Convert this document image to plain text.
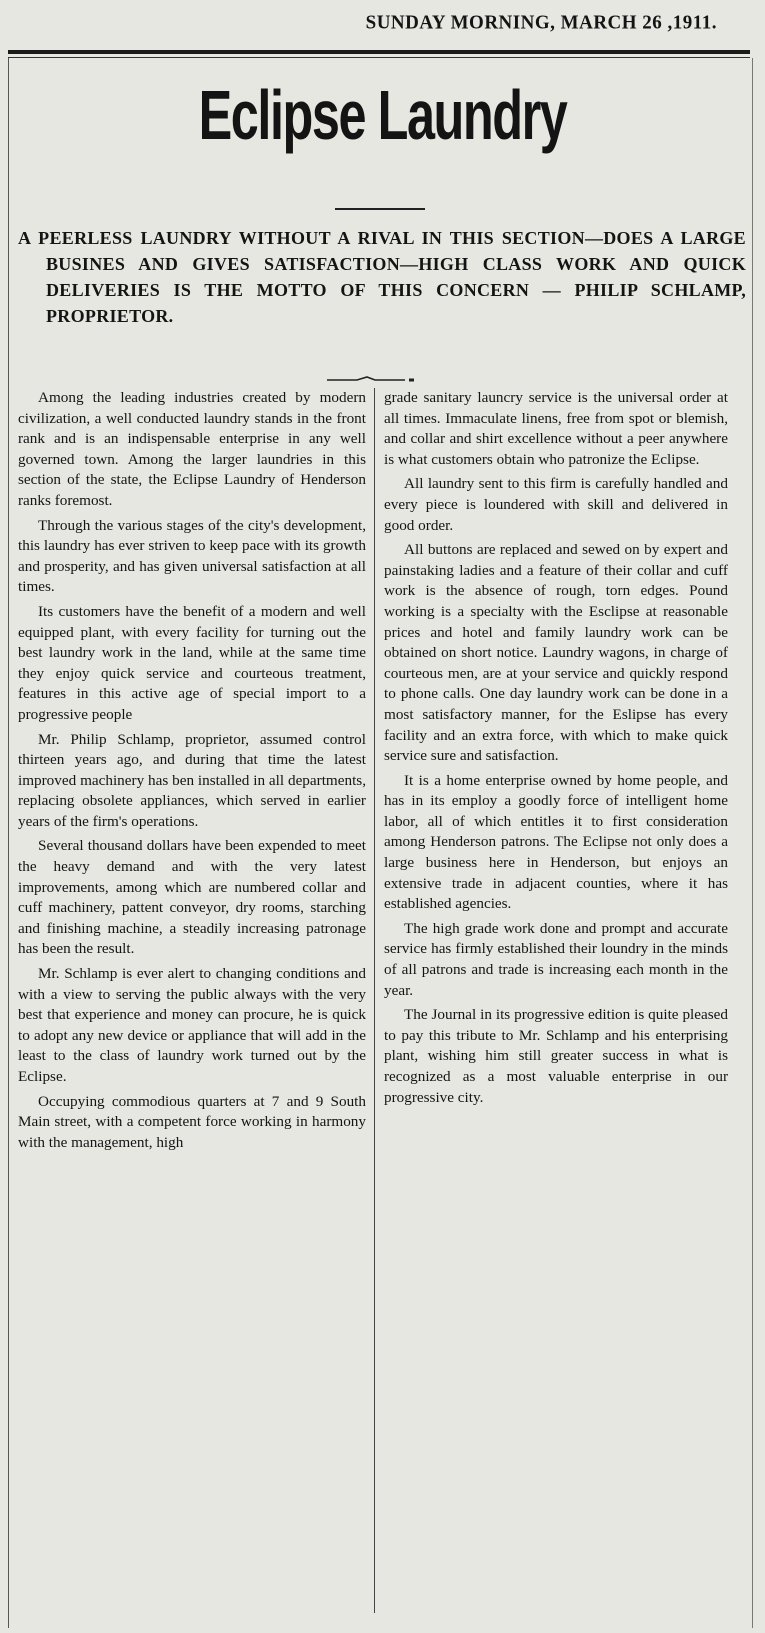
SUNDAY MORNING, MARCH 26 ,1911.
Eclipse Laundry
A PEERLESS LAUNDRY WITHOUT A RIVAL IN THIS SECTION—DOES A LARGE BUSINES AND GIVES SATISFACTION—HIGH CLASS WORK AND QUICK DELIVERIES IS THE MOTTO OF THIS CONCERN — PHILIP SCHLAMP, PROPRIETOR.

Among the leading industries created by modern civilization, a well conducted laundry stands in the front rank and is an indispensable enterprise in any well governed town. Among the larger laundries in this section of the state, the Eclipse Laundry of Henderson ranks foremost.

Through the various stages of the city's development, this laundry has ever striven to keep pace with its growth and prosperity, and has given universal satisfaction at all times.

Its customers have the benefit of a modern and well equipped plant, with every facility for turning out the best laundry work in the land, while at the same time they enjoy quick service and courteous treatment, features in this active age of special import to a progressive people

Mr. Philip Schlamp, proprietor, assumed control thirteen years ago, and during that time the latest improved machinery has ben installed in all departments, replacing obsolete appliances, which served in earlier years of the firm's operations.

Several thousand dollars have been expended to meet the heavy demand and with the very latest improvements, among which are numbered collar and cuff machinery, pattent conveyor, dry rooms, starching and finishing machine, a steadily increasing patronage has been the result.

Mr. Schlamp is ever alert to changing conditions and with a view to serving the public always with the very best that experience and money can procure, he is quick to adopt any new device or appliance that will add in the least to the class of laundry work turned out by the Eclipse.

Occupying commodious quarters at 7 and 9 South Main street, with a competent force working in harmony with the management, high

grade sanitary launcry service is the universal order at all times. Immaculate linens, free from spot or blemish, and collar and shirt excellence without a peer anywhere is what customers obtain who patronize the Eclipse.

All laundry sent to this firm is carefully handled and every piece is loundered with skill and delivered in good order.

All buttons are replaced and sewed on by expert and painstaking ladies and a feature of their collar and cuff work is the absence of rough, torn edges. Pound working is a specialty with the Esclipse at reasonable prices and hotel and family laundry work can be obtained on short notice. Laundry wagons, in charge of courteous men, are at your service and quickly respond to phone calls. One day laundry work can be done in a most satisfactory manner, for the Eslipse has every facility and an extra force, with which to make quick service sure and satisfaction.

It is a home enterprise owned by home people, and has in its employ a goodly force of intelligent home labor, all of which entitles it to first consideration among Henderson patrons. The Eclipse not only does a large business here in Henderson, but enjoys an extensive trade in adjacent counties, where it has established agencies.

The high grade work done and prompt and accurate service has firmly established their loundry in the minds of all patrons and trade is increasing each month in the year.

The Journal in its progressive edition is quite pleased to pay this tribute to Mr. Schlamp and his enterprising plant, wishing him still greater success in what is recognized as a most valuable enterprise in our progressive city.
